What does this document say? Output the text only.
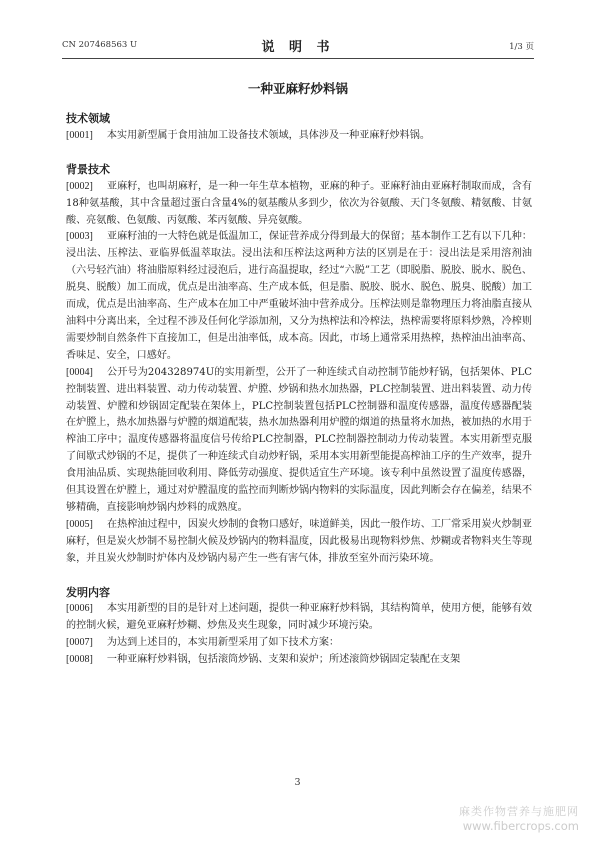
CN 207468563 U	说 明 书	1/3 页
一种亚麻籽炒料锅
技术领域

[0001] 本实用新型属于食用油加工设备技术领域，具体涉及一种亚麻籽炒料锅。

背景技术

[0002] 亚麻籽，也叫胡麻籽，是一种一年生草本植物，亚麻的种子。亚麻籽油由亚麻籽制取而成，含有18种氨基酸，其中含量超过蛋白含量4%的氨基酸从多到少，依次为谷氨酸、天门冬氨酸、精氨酸、甘氨酸、亮氨酸、色氨酸、丙氨酸、苯丙氨酸、异亮氨酸。

[0003] 亚麻籽油的一大特色就是低温加工，保证营养成分得到最大的保留；基本制作工艺有以下几种：浸出法、压榨法、亚临界低温萃取法。浸出法和压榨法这两种方法的区别是在于：浸出法是采用溶剂油（六号轻汽油）将油脂原料经过浸泡后，进行高温提取，经过“六脱”工艺（即脱脂、脱胶、脱水、脱色、脱臭、脱酸）加工而成，优点是出油率高、生产成本低，但是脂、脱胶、脱水、脱色、脱臭、脱酸）加工而成，优点是出油率高、生产成本在加工中严重破坏油中营养成分。压榨法则是靠物理压力将油脂直接从油料中分离出来，全过程不涉及任何化学添加剂，又分为热榨法和冷榨法，热榨需要将原料炒熟，冷榨则需要炒制自然条件下直接加工，但是出油率低，成本高。因此，市场上通常采用热榨，热榨油出油率高、香味足、安全，口感好。

[0004] 公开号为204328974U的实用新型，公开了一种连续式自动控制节能炒籽锅，包括架体、PLC控制装置、进出料装置、动力传动装置、炉膛、炒锅和热水加热器，PLC控制装置、进出料装置、动力传动装置、炉膛和炒锅固定配装在架体上，PLC控制装置包括PLC控制器和温度传感器，温度传感器配装在炉膛上，热水加热器与炉膛的烟道配装，热水加热器利用炉膛的烟道的热量将水加热，被加热的水用于榨油工序中；温度传感器将温度信号传给PLC控制器，PLC控制器控制动力传动装置。本实用新型克服了间歇式炒锅的不足，提供了一种连续式自动炒籽锅，采用本实用新型能提高榨油工序的生产效率，提升食用油品质、实现热能回收利用、降低劳动强度、提供适宜生产环境。该专利中虽然设置了温度传感器，但其设置在炉膛上，通过对炉膛温度的监控而判断炒锅内物料的实际温度，因此判断会存在偏差，结果不够精确，直接影响炒锅内炒料的成熟度。

[0005] 在热榨油过程中，因炭火炒制的食物口感好，味道鲜美，因此一般作坊、工厂常采用炭火炒制亚麻籽，但是炭火炒制不易控制火候及炒锅内的物料温度，因此极易出现物料炒焦、炒糊或者物料夹生等现象，并且炭火炒制时炉体内及炒锅内易产生一些有害气体，排放至室外而污染环境。

发明内容

[0006] 本实用新型的目的是针对上述问题，提供一种亚麻籽炒料锅，其结构简单，使用方便，能够有效的控制火候，避免亚麻籽炒糊、炒焦及夹生现象，同时减少环境污染。

[0007] 为达到上述目的，本实用新型采用了如下技术方案：

[0008] 一种亚麻籽炒料锅，包括滚筒炒锅、支架和炭炉；所述滚筒炒锅固定装配在支架

3
麻类作物营养与施肥网
www.fibercrops.com
